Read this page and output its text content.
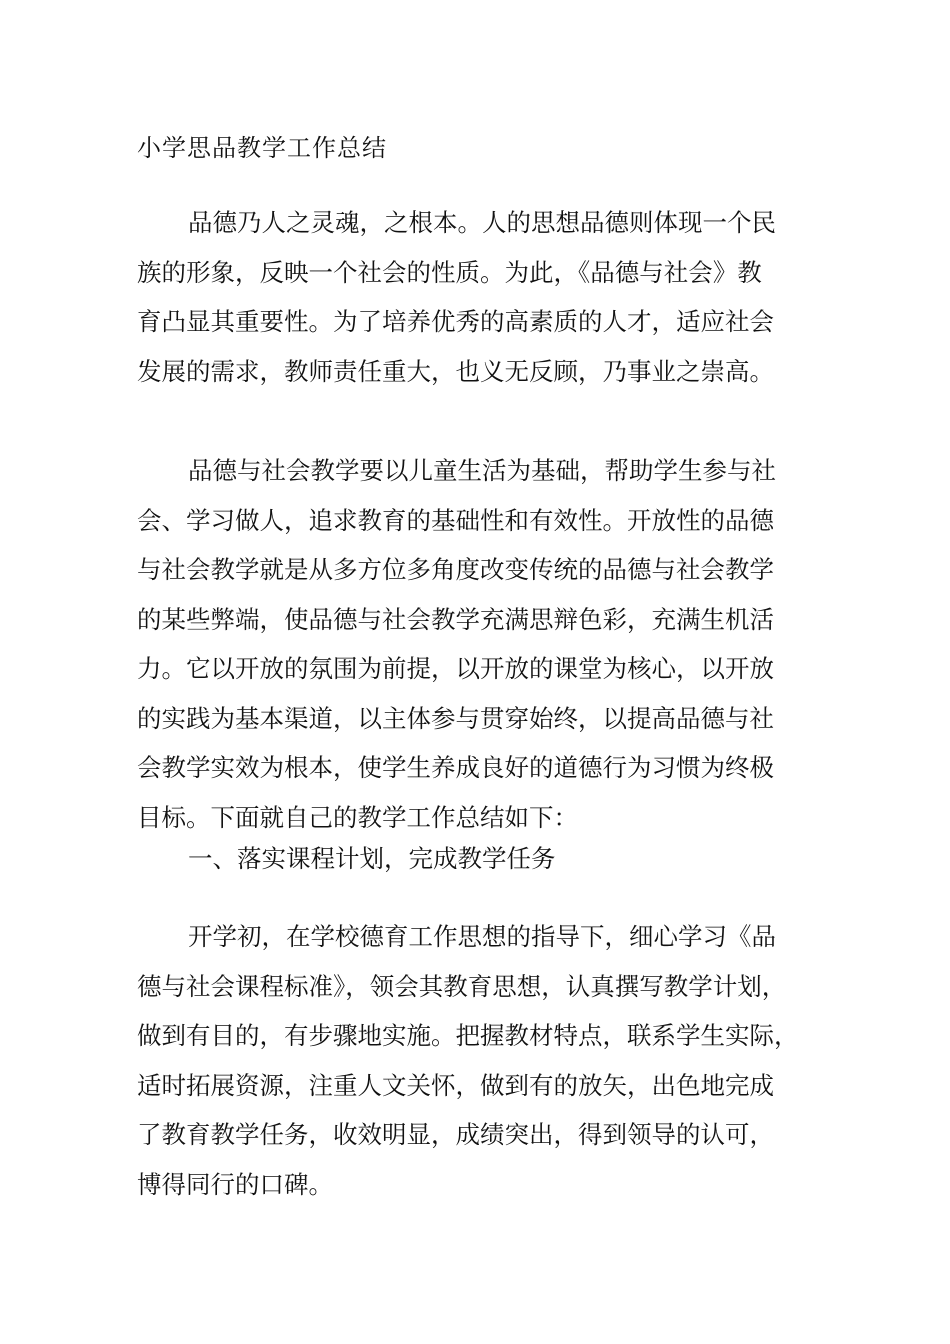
小学思品教学工作总结
品德乃人之灵魂，之根本。人的思想品德则体现一个民
族的形象，反映一个社会的性质。为此，《品德与社会》教
育凸显其重要性。为了培养优秀的高素质的人才，适应社会
发展的需求，教师责任重大，也义无反顾，乃事业之崇高。
品德与社会教学要以儿童生活为基础，帮助学生参与社
会、学习做人，追求教育的基础性和有效性。开放性的品德
与社会教学就是从多方位多角度改变传统的品德与社会教学
的某些弊端，使品德与社会教学充满思辩色彩，充满生机活
力。它以开放的氛围为前提，以开放的课堂为核心，以开放
的实践为基本渠道，以主体参与贯穿始终，以提高品德与社
会教学实效为根本，使学生养成良好的道德行为习惯为终极
目标。下面就自己的教学工作总结如下：
一、落实课程计划，完成教学任务
开学初，在学校德育工作思想的指导下，细心学习《品
德与社会课程标准》，领会其教育思想，认真撰写教学计划，
做到有目的，有步骤地实施。把握教材特点，联系学生实际，
适时拓展资源，注重人文关怀，做到有的放矢，出色地完成
了教育教学任务，收效明显，成绩突出，得到领导的认可，
博得同行的口碑。
